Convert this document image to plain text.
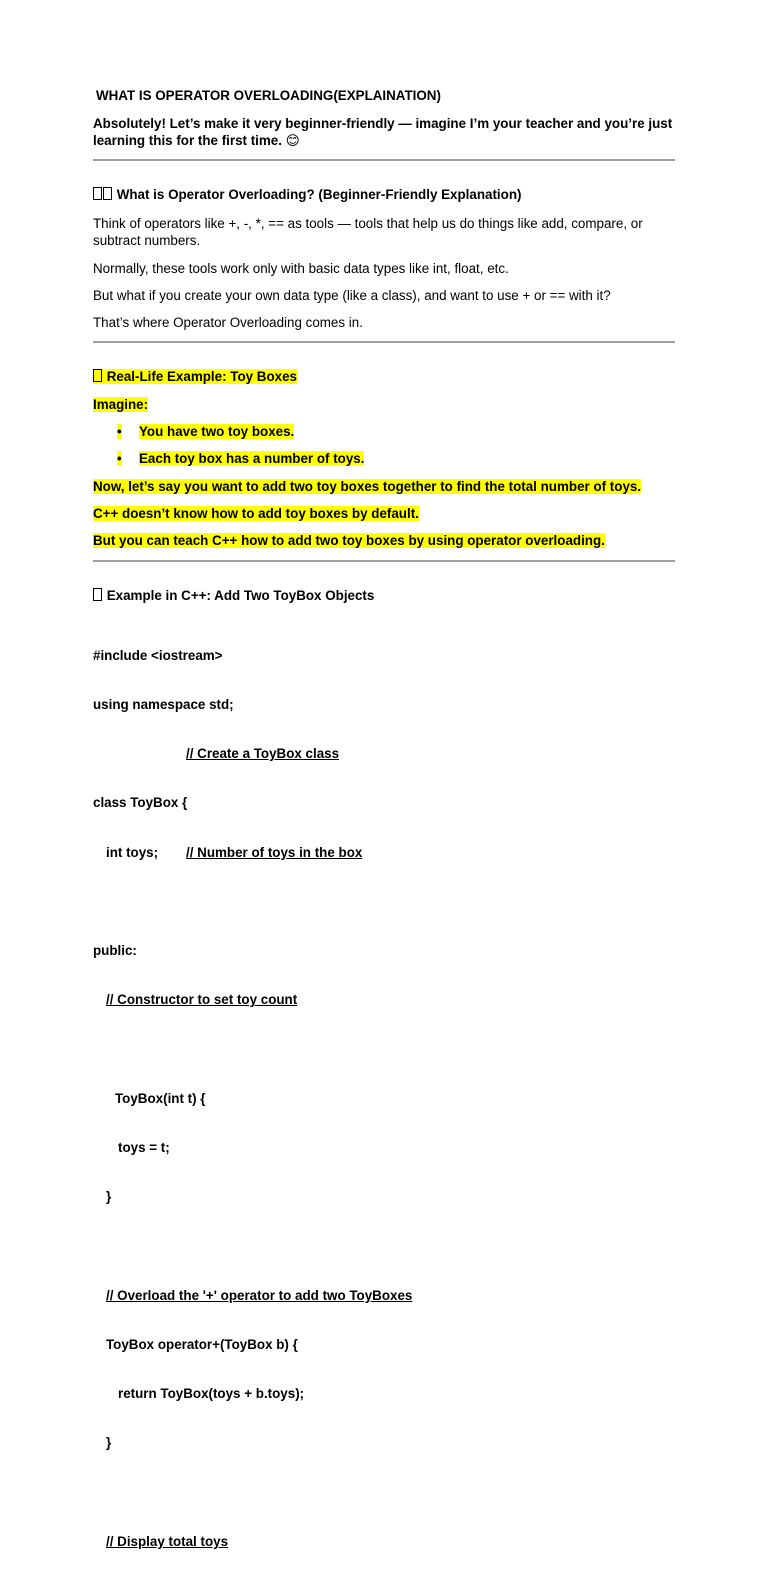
WHAT IS OPERATOR OVERLOADING(EXPLAINATION)
Absolutely! Let’s make it very beginner-friendly — imagine I’m your teacher and you’re just learning this for the first time. 😊
What is Operator Overloading? (Beginner-Friendly Explanation)
Think of operators like +, -, *, == as tools — tools that help us do things like add, compare, or subtract numbers.
Normally, these tools work only with basic data types like int, float, etc.
But what if you create your own data type (like a class), and want to use + or == with it?
That’s where Operator Overloading comes in.
Real-Life Example: Toy Boxes
Imagine:
• You have two toy boxes.
• Each toy box has a number of toys.
Now, let’s say you want to add two toy boxes together to find the total number of toys.
C++ doesn’t know how to add toy boxes by default.
But you can teach C++ how to add two toy boxes by using operator overloading.
Example in C++: Add Two ToyBox Objects

#include <iostream>

using namespace std;

// Create a ToyBox class

class ToyBox {

int toys; // Number of toys in the box

public:

// Constructor to set toy count

ToyBox(int t) {

toys = t;

}

// Overload the '+' operator to add two ToyBoxes

ToyBox operator+(ToyBox b) {

return ToyBox(toys + b.toys);

}

// Display total toys
